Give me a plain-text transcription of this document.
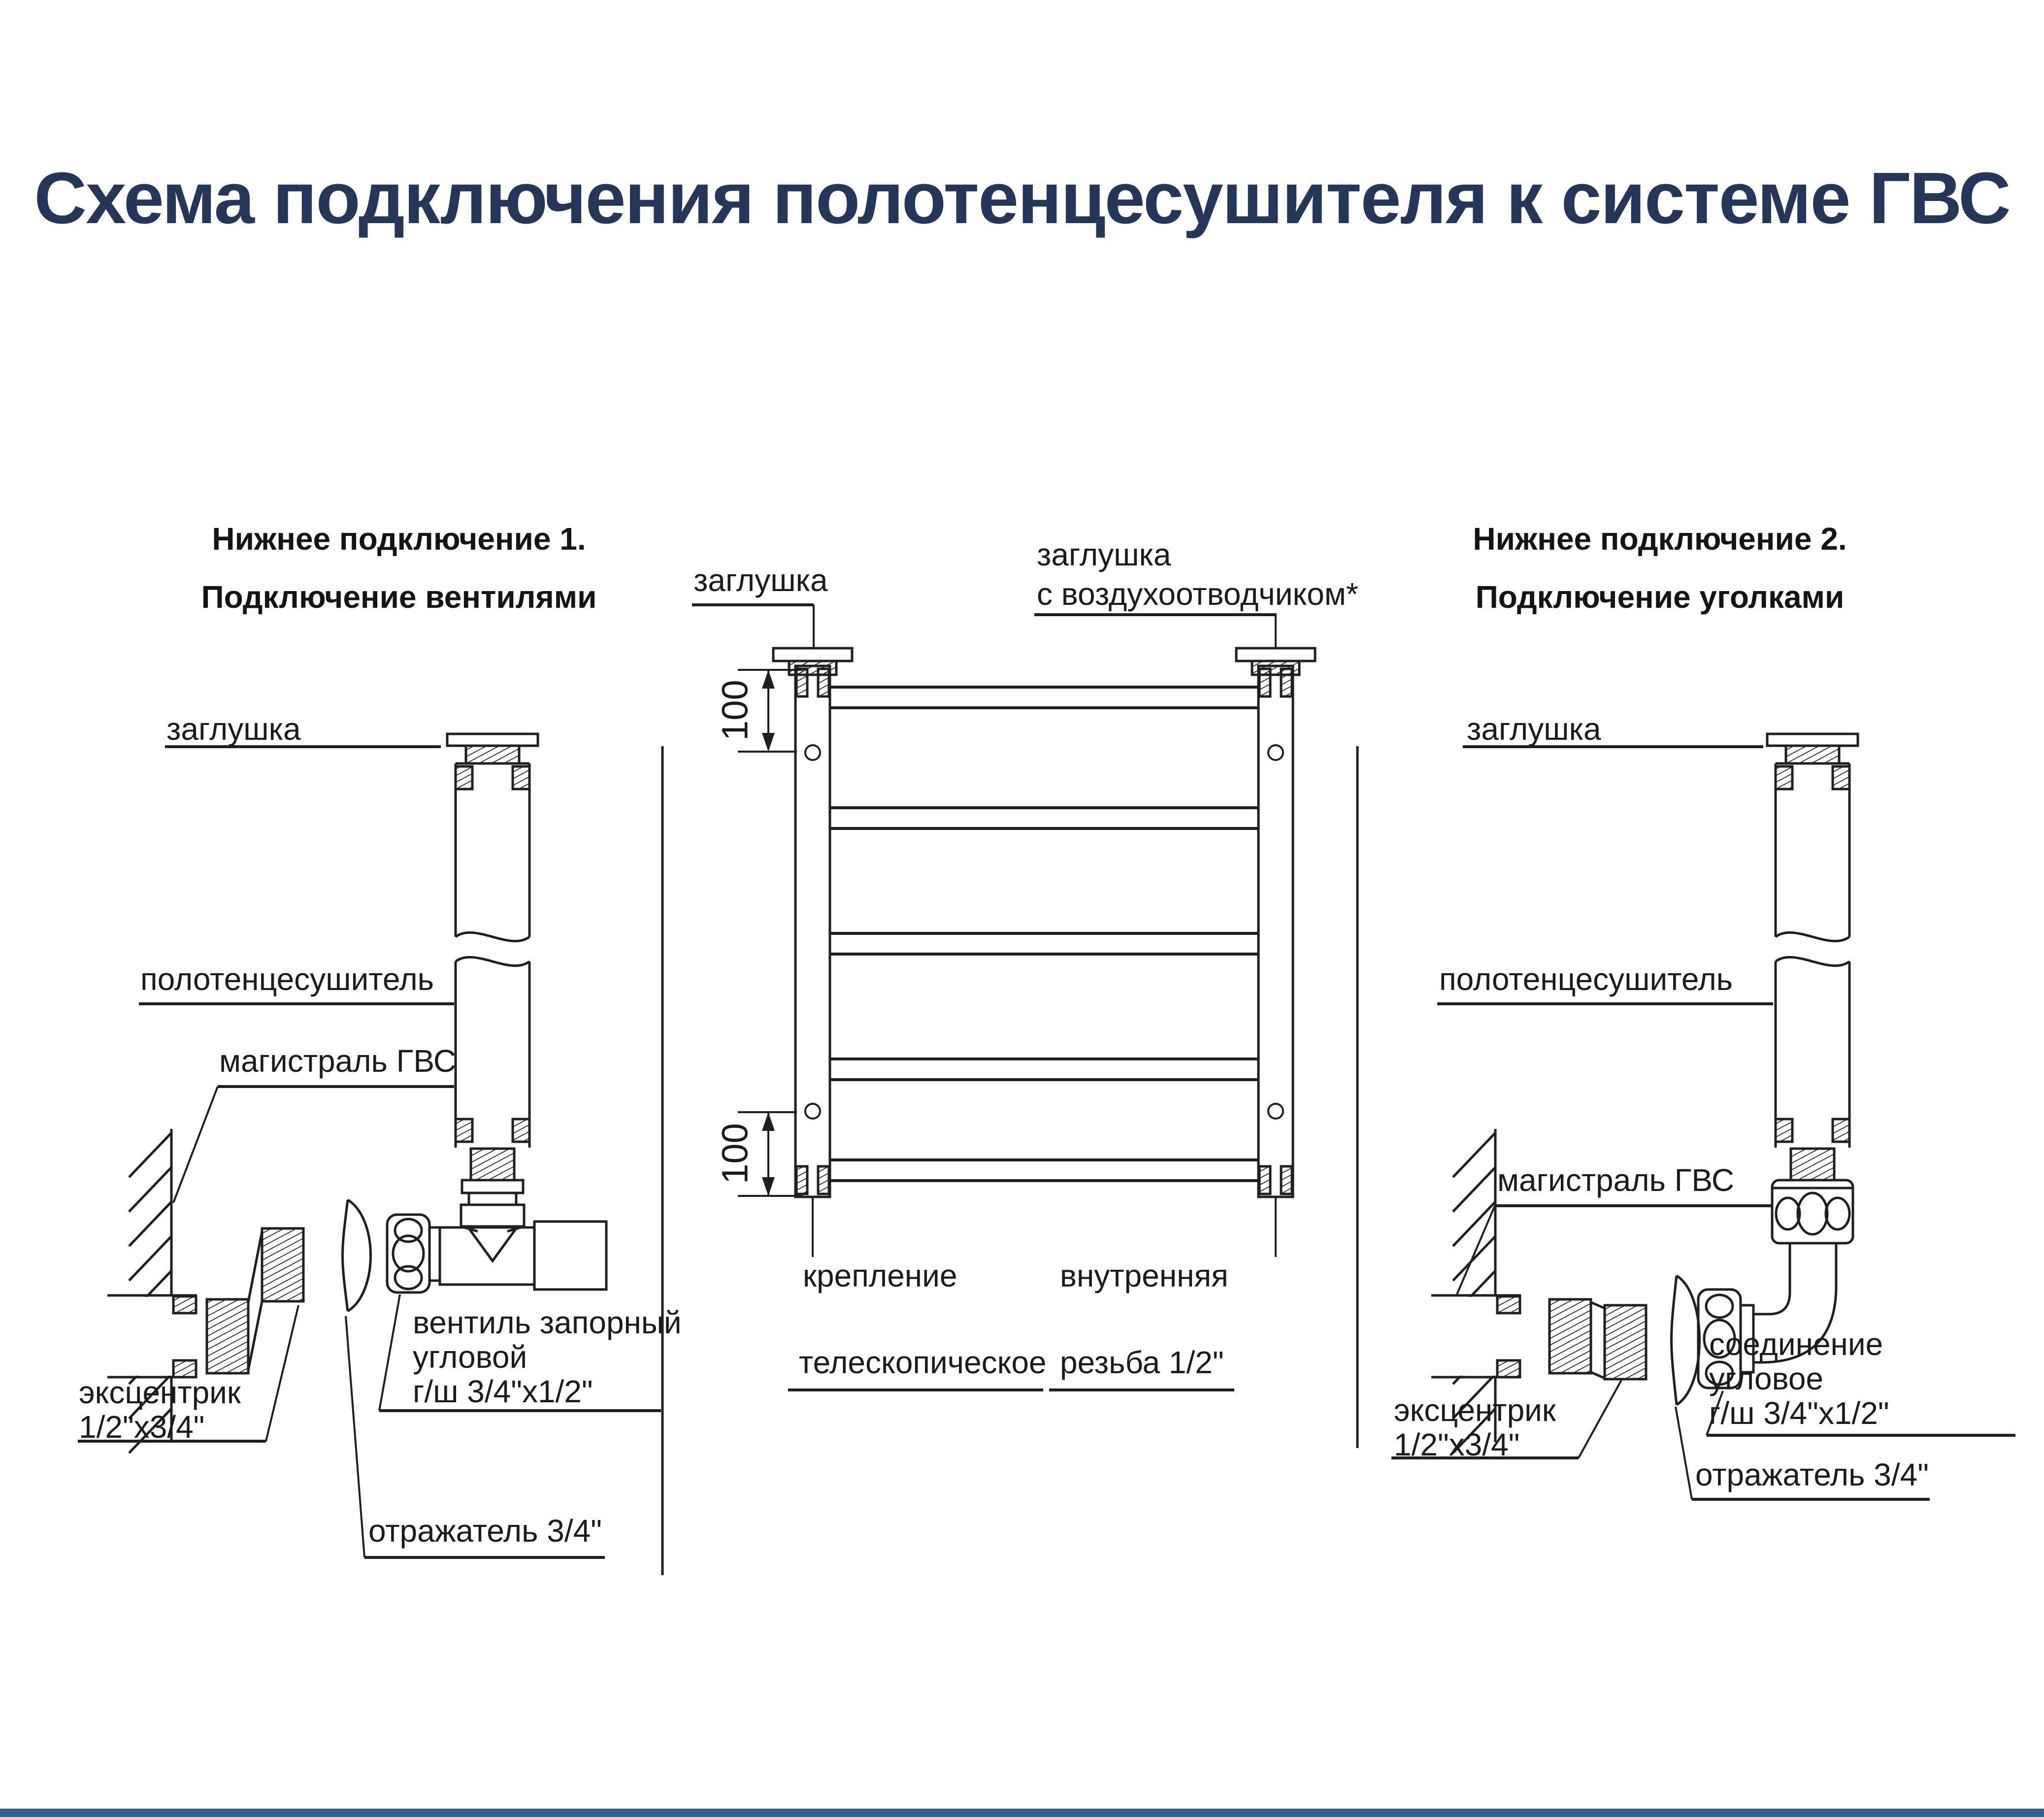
Схема подключения полотенцесушителя к системе ГВС
Нижнее подключение 1.
Подключение вентилями
Нижнее подключение 2.
Подключение уголками
заглушка
полотенцесушитель
магистраль ГВС
эксцентрик
1/2"х3/4"
вентиль запорный
угловой
г/ш 3/4"х1/2"
отражатель 3/4"
заглушка
заглушка
с воздухоотводчиком*
100
100
крепление
телескопическое
внутренняя
резьба 1/2"
заглушка
полотенцесушитель
магистраль ГВС
эксцентрик
1/2"х3/4"
соединение
угловое
г/ш 3/4"х1/2"
отражатель 3/4"
